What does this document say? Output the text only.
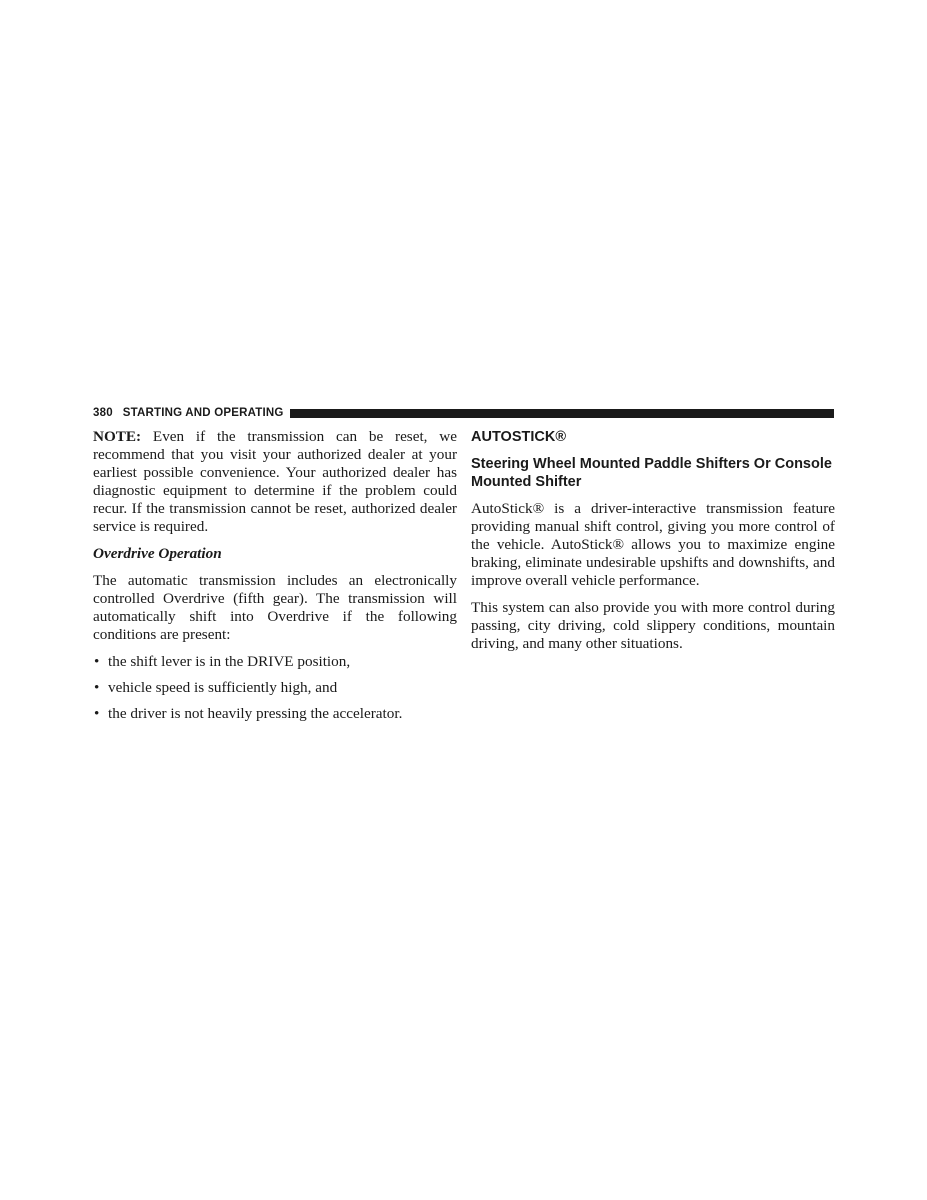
380 STARTING AND OPERATING

NOTE: Even if the transmission can be reset, we recommend that you visit your authorized dealer at your earliest possible convenience. Your authorized dealer has diagnostic equipment to determine if the problem could recur. If the transmission cannot be reset, authorized dealer service is required.

Overdrive Operation

The automatic transmission includes an electronically controlled Overdrive (fifth gear). The transmission will automatically shift into Overdrive if the following conditions are present:

• the shift lever is in the DRIVE position,
• vehicle speed is sufficiently high, and
• the driver is not heavily pressing the accelerator.
AUTOSTICK®
Steering Wheel Mounted Paddle Shifters Or Console Mounted Shifter

AutoStick® is a driver-interactive transmission feature providing manual shift control, giving you more control of the vehicle. AutoStick® allows you to maximize engine braking, eliminate undesirable upshifts and downshifts, and improve overall vehicle performance.

This system can also provide you with more control during passing, city driving, cold slippery conditions, mountain driving, and many other situations.
